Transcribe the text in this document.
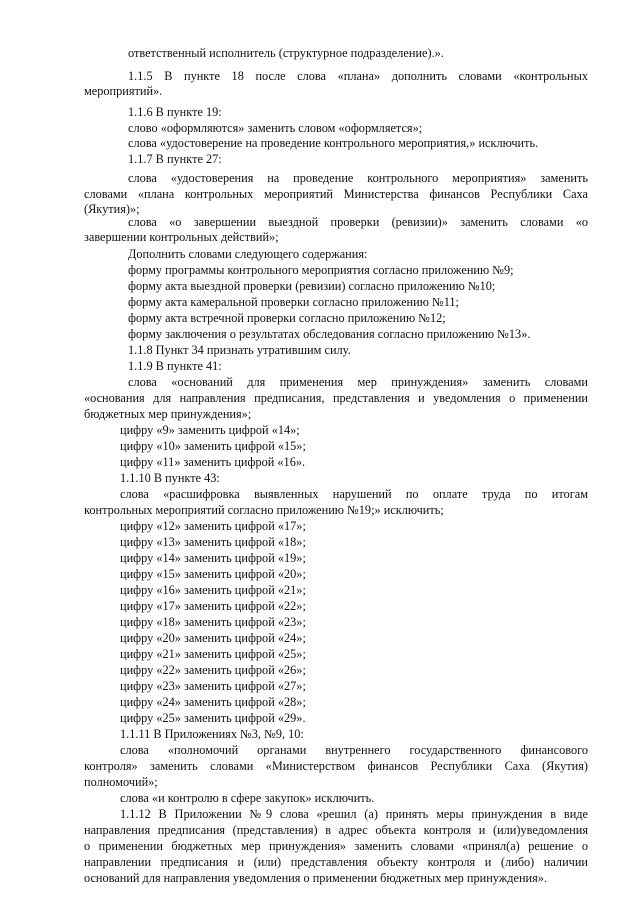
ответственный исполнитель (структурное подразделение).».
1.1.5 В пункте 18 после слова «плана» дополнить словами «контрольных
мероприятий».
1.1.6 В пункте 19:
слово «оформляются» заменить словом «оформляется»;
слова «удостоверение на проведение контрольного мероприятия,» исключить.
1.1.7 В пункте 27:
слова «удостоверения на проведение контрольного мероприятия» заменить
словами «плана контрольных мероприятий Министерства финансов Республики Саха
(Якутия)»;
слова «о завершении выездной проверки (ревизии)» заменить словами «о
завершении контрольных действий»;
Дополнить словами следующего содержания:
форму программы контрольного мероприятия согласно приложению №9;
форму акта выездной проверки (ревизии) согласно приложению №10;
форму акта камеральной проверки согласно приложению №11;
форму акта встречной проверки согласно приложению №12;
форму заключения о результатах обследования согласно приложению №13».
1.1.8 Пункт 34 признать утратившим силу.
1.1.9 В пункте 41:
слова «оснований для применения мер принуждения» заменить словами
«основания для направления предписания, представления и уведомления о применении
бюджетных мер принуждения»;
цифру «9» заменить цифрой «14»;
цифру «10» заменить цифрой «15»;
цифру «11» заменить цифрой «16».
1.1.10 В пункте 43:
слова «расшифровка выявленных нарушений по оплате труда по итогам
контрольных мероприятий согласно приложению №19;» исключить;
цифру «12» заменить цифрой «17»;
цифру «13» заменить цифрой «18»;
цифру «14» заменить цифрой «19»;
цифру «15» заменить цифрой «20»;
цифру «16» заменить цифрой «21»;
цифру «17» заменить цифрой «22»;
цифру «18» заменить цифрой «23»;
цифру «20» заменить цифрой «24»;
цифру «21» заменить цифрой «25»;
цифру «22» заменить цифрой «26»;
цифру «23» заменить цифрой «27»;
цифру «24» заменить цифрой «28»;
цифру «25» заменить цифрой «29».
1.1.11 В Приложениях №3, №9, 10:
слова «полномочий органами внутреннего государственного финансового
контроля» заменить словами «Министерством финансов Республики Саха (Якутия)
полномочий»;
слова «и контролю в сфере закупок» исключить.
1.1.12 В Приложении №9 слова «решил (а) принять меры принуждения в виде
направления предписания (представления) в адрес объекта контроля и (или)уведомления
о применении бюджетных мер принуждения» заменить словами «принял(а) решение о
направлении предписания и (или) представления объекту контроля и (либо) наличии
оснований для направления уведомления о применении бюджетных мер принуждения».
